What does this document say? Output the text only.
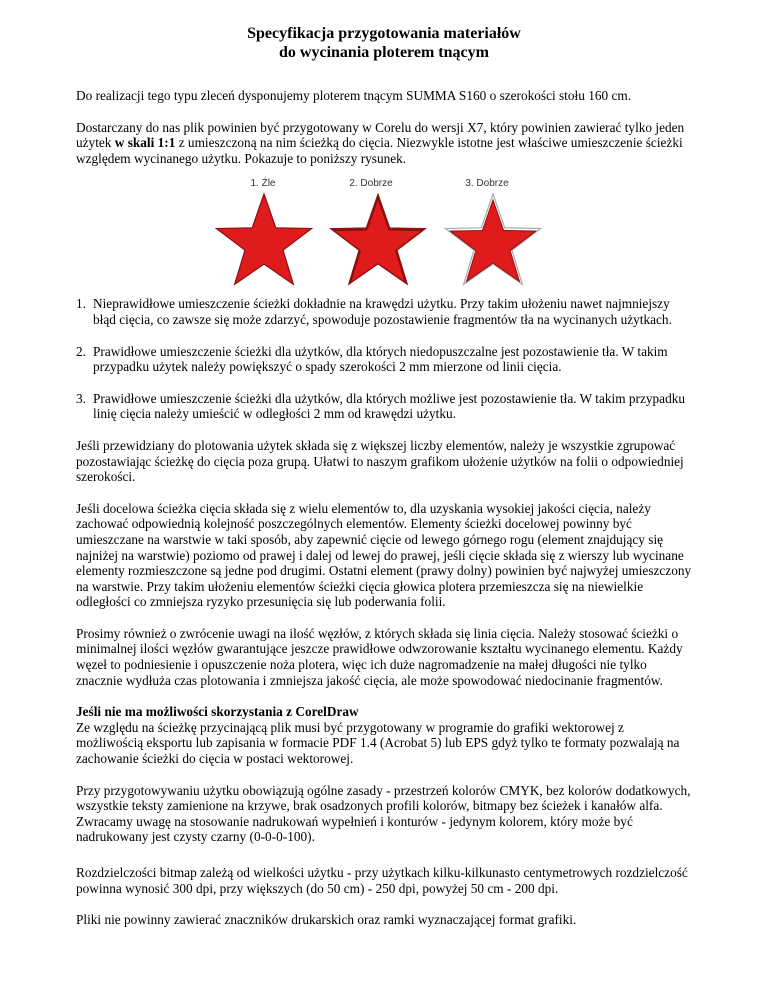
Specyfikacja przygotowania materiałów
do wycinania ploterem tnącym

Do realizacji tego typu zleceń dysponujemy ploterem tnącym SUMMA S160 o szerokości stołu 160 cm.

Dostarczany do nas plik powinien być przygotowany w Corelu do wersji X7, który powinien zawierać tylko jeden użytek w skali 1:1 z umieszczoną na nim ścieżką do cięcia. Niezwykle istotne jest właściwe umieszczenie ścieżki względem wycinanego użytku. Pokazuje to poniższy rysunek.

1. Źle	2. Dobrze	3. Dobrze
1. Nieprawidłowe umieszczenie ścieżki dokładnie na krawędzi użytku. Przy takim ułożeniu nawet najmniejszy błąd cięcia, co zawsze się może zdarzyć, spowoduje pozostawienie fragmentów tła na wycinanych użytkach.
2. Prawidłowe umieszczenie ścieżki dla użytków, dla których niedopuszczalne jest pozostawienie tła. W takim przypadku użytek należy powiększyć o spady szerokości 2 mm mierzone od linii cięcia.
3. Prawidłowe umieszczenie ścieżki dla użytków, dla których możliwe jest pozostawienie tła. W takim przypadku linię cięcia należy umieścić w odległości 2 mm od krawędzi użytku.

Jeśli przewidziany do plotowania użytek składa się z większej liczby elementów, należy je wszystkie zgrupować pozostawiając ścieżkę do cięcia poza grupą. Ułatwi to naszym grafikom ułożenie użytków na folii o odpowiedniej szerokości.

Jeśli docelowa ścieżka cięcia składa się z wielu elementów to, dla uzyskania wysokiej jakości cięcia, należy zachować odpowiednią kolejność poszczególnych elementów. Elementy ścieżki docelowej powinny być umieszczane na warstwie w taki sposób, aby zapewnić cięcie od lewego górnego rogu (element znajdujący się najniżej na warstwie) poziomo od prawej i dalej od lewej do prawej, jeśli cięcie składa się z wierszy lub wycinane elementy rozmieszczone są jedne pod drugimi. Ostatni element (prawy dolny) powinien być najwyżej umieszczony na warstwie. Przy takim ułożeniu elementów ścieżki cięcia głowica plotera przemieszcza się na niewielkie odległości co zmniejsza ryzyko przesunięcia się lub poderwania folii.

Prosimy również o zwrócenie uwagi na ilość węzłów, z których składa się linia cięcia. Należy stosować ścieżki o minimalnej ilości węzłów gwarantujące jeszcze prawidłowe odwzorowanie kształtu wycinanego elementu. Każdy węzeł to podniesienie i opuszczenie noża plotera, więc ich duże nagromadzenie na małej długości nie tylko znacznie wydłuża czas plotowania i zmniejsza jakość cięcia, ale może spowodować niedocinanie fragmentów.

Jeśli nie ma możliwości skorzystania z CorelDraw
Ze względu na ścieżkę przycinającą plik musi być przygotowany w programie do grafiki wektorowej z możliwością eksportu lub zapisania w formacie PDF 1.4 (Acrobat 5) lub EPS gdyż tylko te formaty pozwalają na zachowanie ścieżki do cięcia w postaci wektorowej.

Przy przygotowywaniu użytku obowiązują ogólne zasady - przestrzeń kolorów CMYK, bez kolorów dodatkowych, wszystkie teksty zamienione na krzywe, brak osadzonych profili kolorów, bitmapy bez ścieżek i kanałów alfa. Zwracamy uwagę na stosowanie nadrukowań wypełnień i konturów - jedynym kolorem, który może być nadrukowany jest czysty czarny (0-0-0-100).

Rozdzielczości bitmap zależą od wielkości użytku - przy użytkach kilku-kilkunasto centymetrowych rozdzielczość powinna wynosić 300 dpi, przy większych (do 50 cm) - 250 dpi, powyżej 50 cm - 200 dpi.

Pliki nie powinny zawierać znaczników drukarskich oraz ramki wyznaczającej format grafiki.
